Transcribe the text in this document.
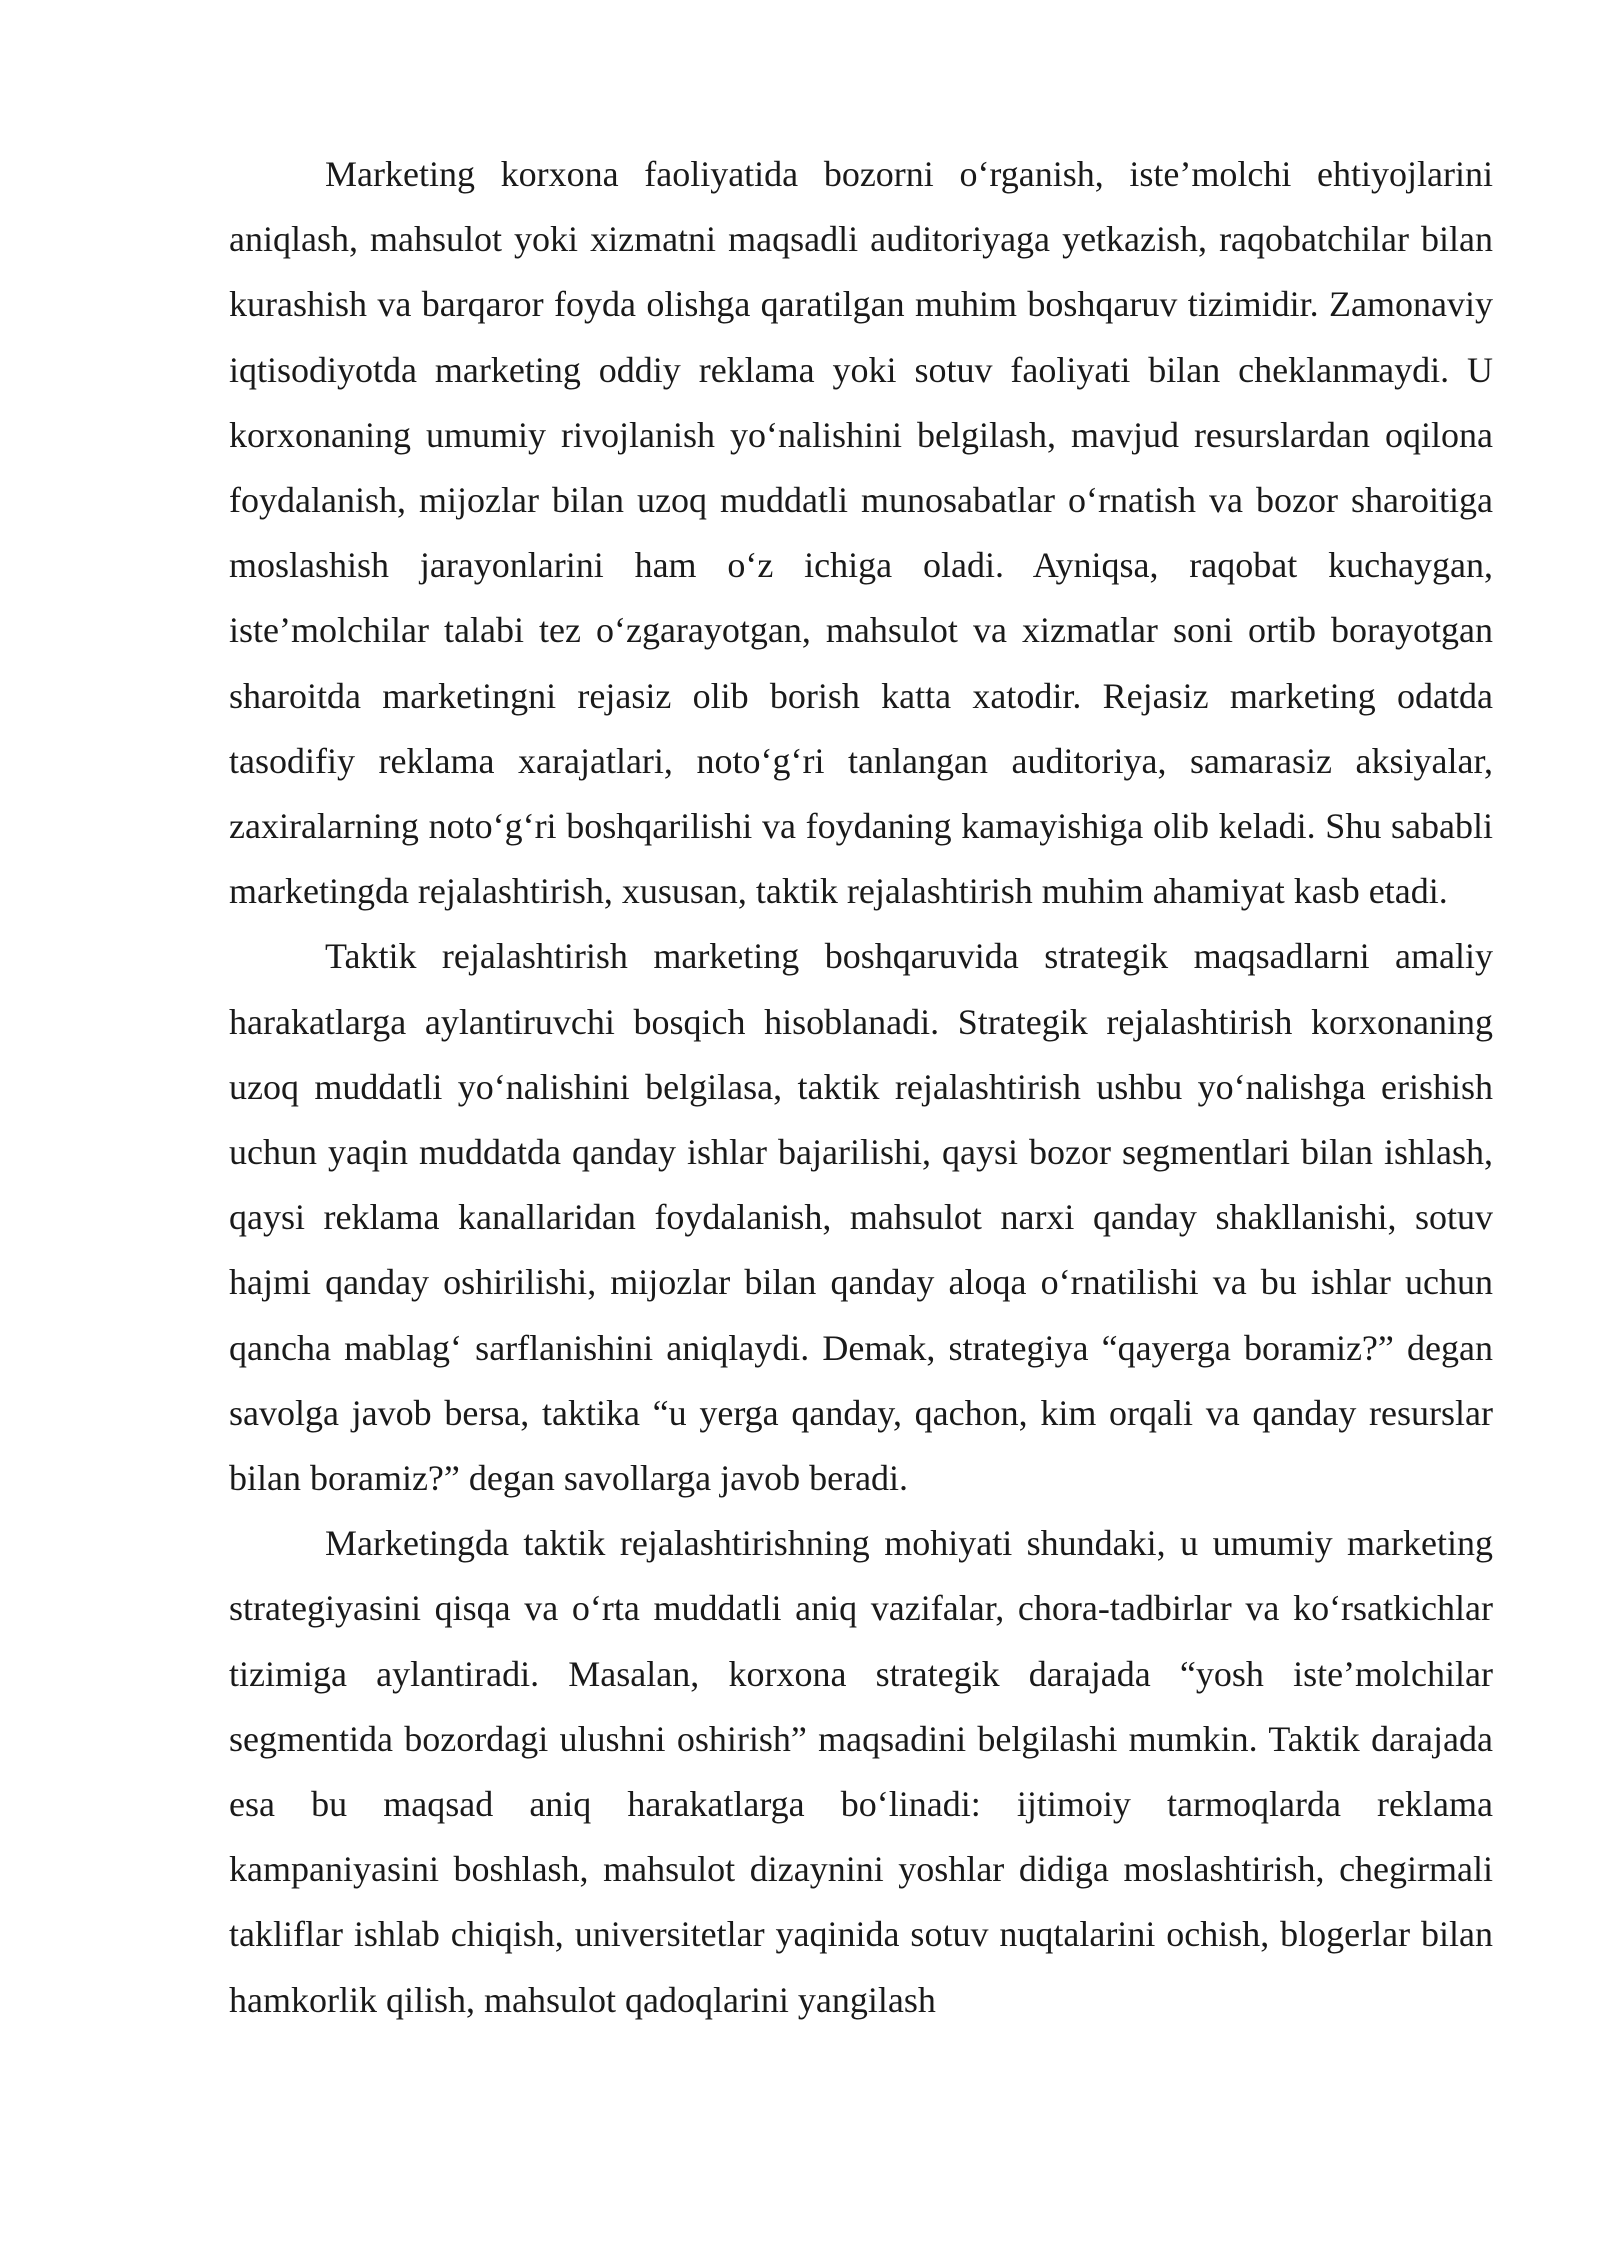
Marketing korxona faoliyatida bozorni o‘rganish, iste’molchi ehtiyojlarini aniqlash, mahsulot yoki xizmatni maqsadli auditoriyaga yetkazish, raqobatchilar bilan kurashish va barqaror foyda olishga qaratilgan muhim boshqaruv tizimidir. Zamonaviy iqtisodiyotda marketing oddiy reklama yoki sotuv faoliyati bilan cheklanmaydi. U korxonaning umumiy rivojlanish yo‘nalishini belgilash, mavjud resurslardan oqilona foydalanish, mijozlar bilan uzoq muddatli munosabatlar o‘rnatish va bozor sharoitiga moslashish jarayonlarini ham o‘z ichiga oladi. Ayniqsa, raqobat kuchaygan, iste’molchilar talabi tez o‘zgarayotgan, mahsulot va xizmatlar soni ortib borayotgan sharoitda marketingni rejasiz olib borish katta xatodir. Rejasiz marketing odatda tasodifiy reklama xarajatlari, noto‘g‘ri tanlangan auditoriya, samarasiz aksiyalar, zaxiralarning noto‘g‘ri boshqarilishi va foydaning kamayishiga olib keladi. Shu sababli marketingda rejalashtirish, xususan, taktik rejalashtirish muhim ahamiyat kasb etadi.

Taktik rejalashtirish marketing boshqaruvida strategik maqsadlarni amaliy harakatlarga aylantiruvchi bosqich hisoblanadi. Strategik rejalashtirish korxonaning uzoq muddatli yo‘nalishini belgilasa, taktik rejalashtirish ushbu yo‘nalishga erishish uchun yaqin muddatda qanday ishlar bajarilishi, qaysi bozor segmentlari bilan ishlash, qaysi reklama kanallaridan foydalanish, mahsulot narxi qanday shakllanishi, sotuv hajmi qanday oshirilishi, mijozlar bilan qanday aloqa o‘rnatilishi va bu ishlar uchun qancha mablag‘ sarflanishini aniqlaydi. Demak, strategiya “qayerga boramiz?” degan savolga javob bersa, taktika “u yerga qanday, qachon, kim orqali va qanday resurslar bilan boramiz?” degan savollarga javob beradi.

Marketingda taktik rejalashtirishning mohiyati shundaki, u umumiy marketing strategiyasini qisqa va o‘rta muddatli aniq vazifalar, chora-tadbirlar va ko‘rsatkichlar tizimiga aylantiradi. Masalan, korxona strategik darajada “yosh iste’molchilar segmentida bozordagi ulushni oshirish” maqsadini belgilashi mumkin. Taktik darajada esa bu maqsad aniq harakatlarga bo‘linadi: ijtimoiy tarmoqlarda reklama kampaniyasini boshlash, mahsulot dizaynini yoshlar didiga moslashtirish, chegirmali takliflar ishlab chiqish, universitetlar yaqinida sotuv nuqtalarini ochish, blogerlar bilan hamkorlik qilish, mahsulot qadoqlarini yangilash
